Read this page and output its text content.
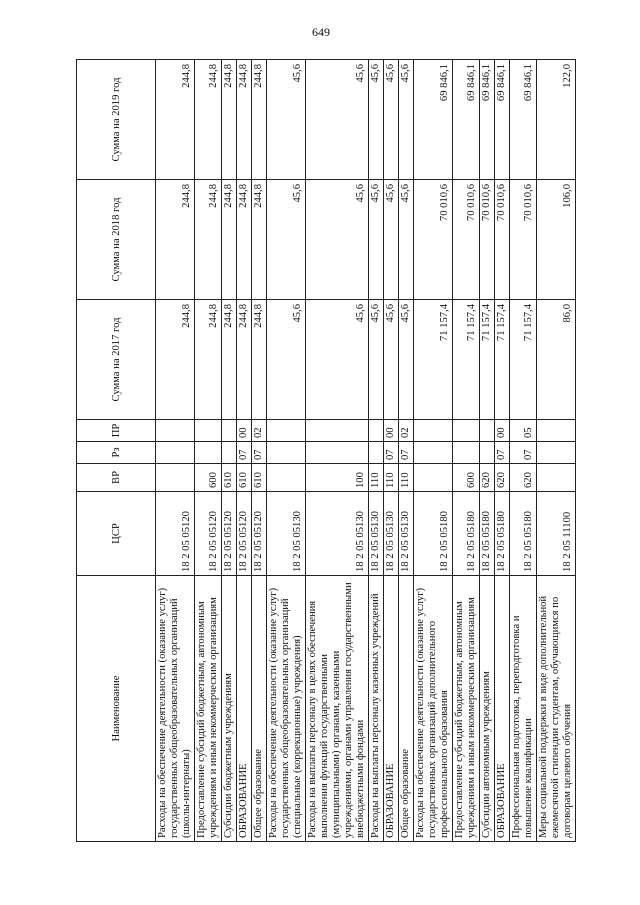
649
Наименование	ЦСР	ВР	Рз	ПР	Сумма на 2017 год	Сумма на 2018 год	Сумма на 2019 год
Расходы на обеспечение деятельности (оказание услуг) государственных общеобразовательных организаций (школы-интернаты)	18 2 05 05120				244,8	244,8	244,8
Предоставление субсидий бюджетным, автономным учреждениям и иным некоммерческим организациям	18 2 05 05120	600			244,8	244,8	244,8
Субсидии бюджетным учреждениям	18 2 05 05120	610			244,8	244,8	244,8
ОБРАЗОВАНИЕ	18 2 05 05120	610	07	00	244,8	244,8	244,8
Общее образование	18 2 05 05120	610	07	02	244,8	244,8	244,8
Расходы на обеспечение деятельности (оказание услуг) государственных общеобразовательных организаций (специальные (коррекционные) учреждения)	18 2 05 05130				45,6	45,6	45,6
Расходы на выплаты персоналу в целях обеспечения выполнения функций государственными (муниципальными) органами, казенными учреждениями, органами управления государственными внебюджетными фондами	18 2 05 05130	100			45,6	45,6	45,6
Расходы на выплаты персоналу казенных учреждений	18 2 05 05130	110			45,6	45,6	45,6
ОБРАЗОВАНИЕ	18 2 05 05130	110	07	00	45,6	45,6	45,6
Общее образование	18 2 05 05130	110	07	02	45,6	45,6	45,6
Расходы на обеспечение деятельности (оказание услуг) государственных организаций дополнительного профессионального образования	18 2 05 05180				71 157,4	70 010,6	69 846,1
Предоставление субсидий бюджетным, автономным учреждениям и иным некоммерческим организациям	18 2 05 05180	600			71 157,4	70 010,6	69 846,1
Субсидии автономным учреждениям	18 2 05 05180	620			71 157,4	70 010,6	69 846,1
ОБРАЗОВАНИЕ	18 2 05 05180	620	07	00	71 157,4	70 010,6	69 846,1
Профессиональная подготовка, переподготовка и повышение квалификации	18 2 05 05180	620	07	05	71 157,4	70 010,6	69 846,1
Меры социальной поддержки в виде дополнительной ежемесячной стипендии студентам, обучающимся по договорам целевого обучения	18 2 05 11100				86,0	106,0	122,0
